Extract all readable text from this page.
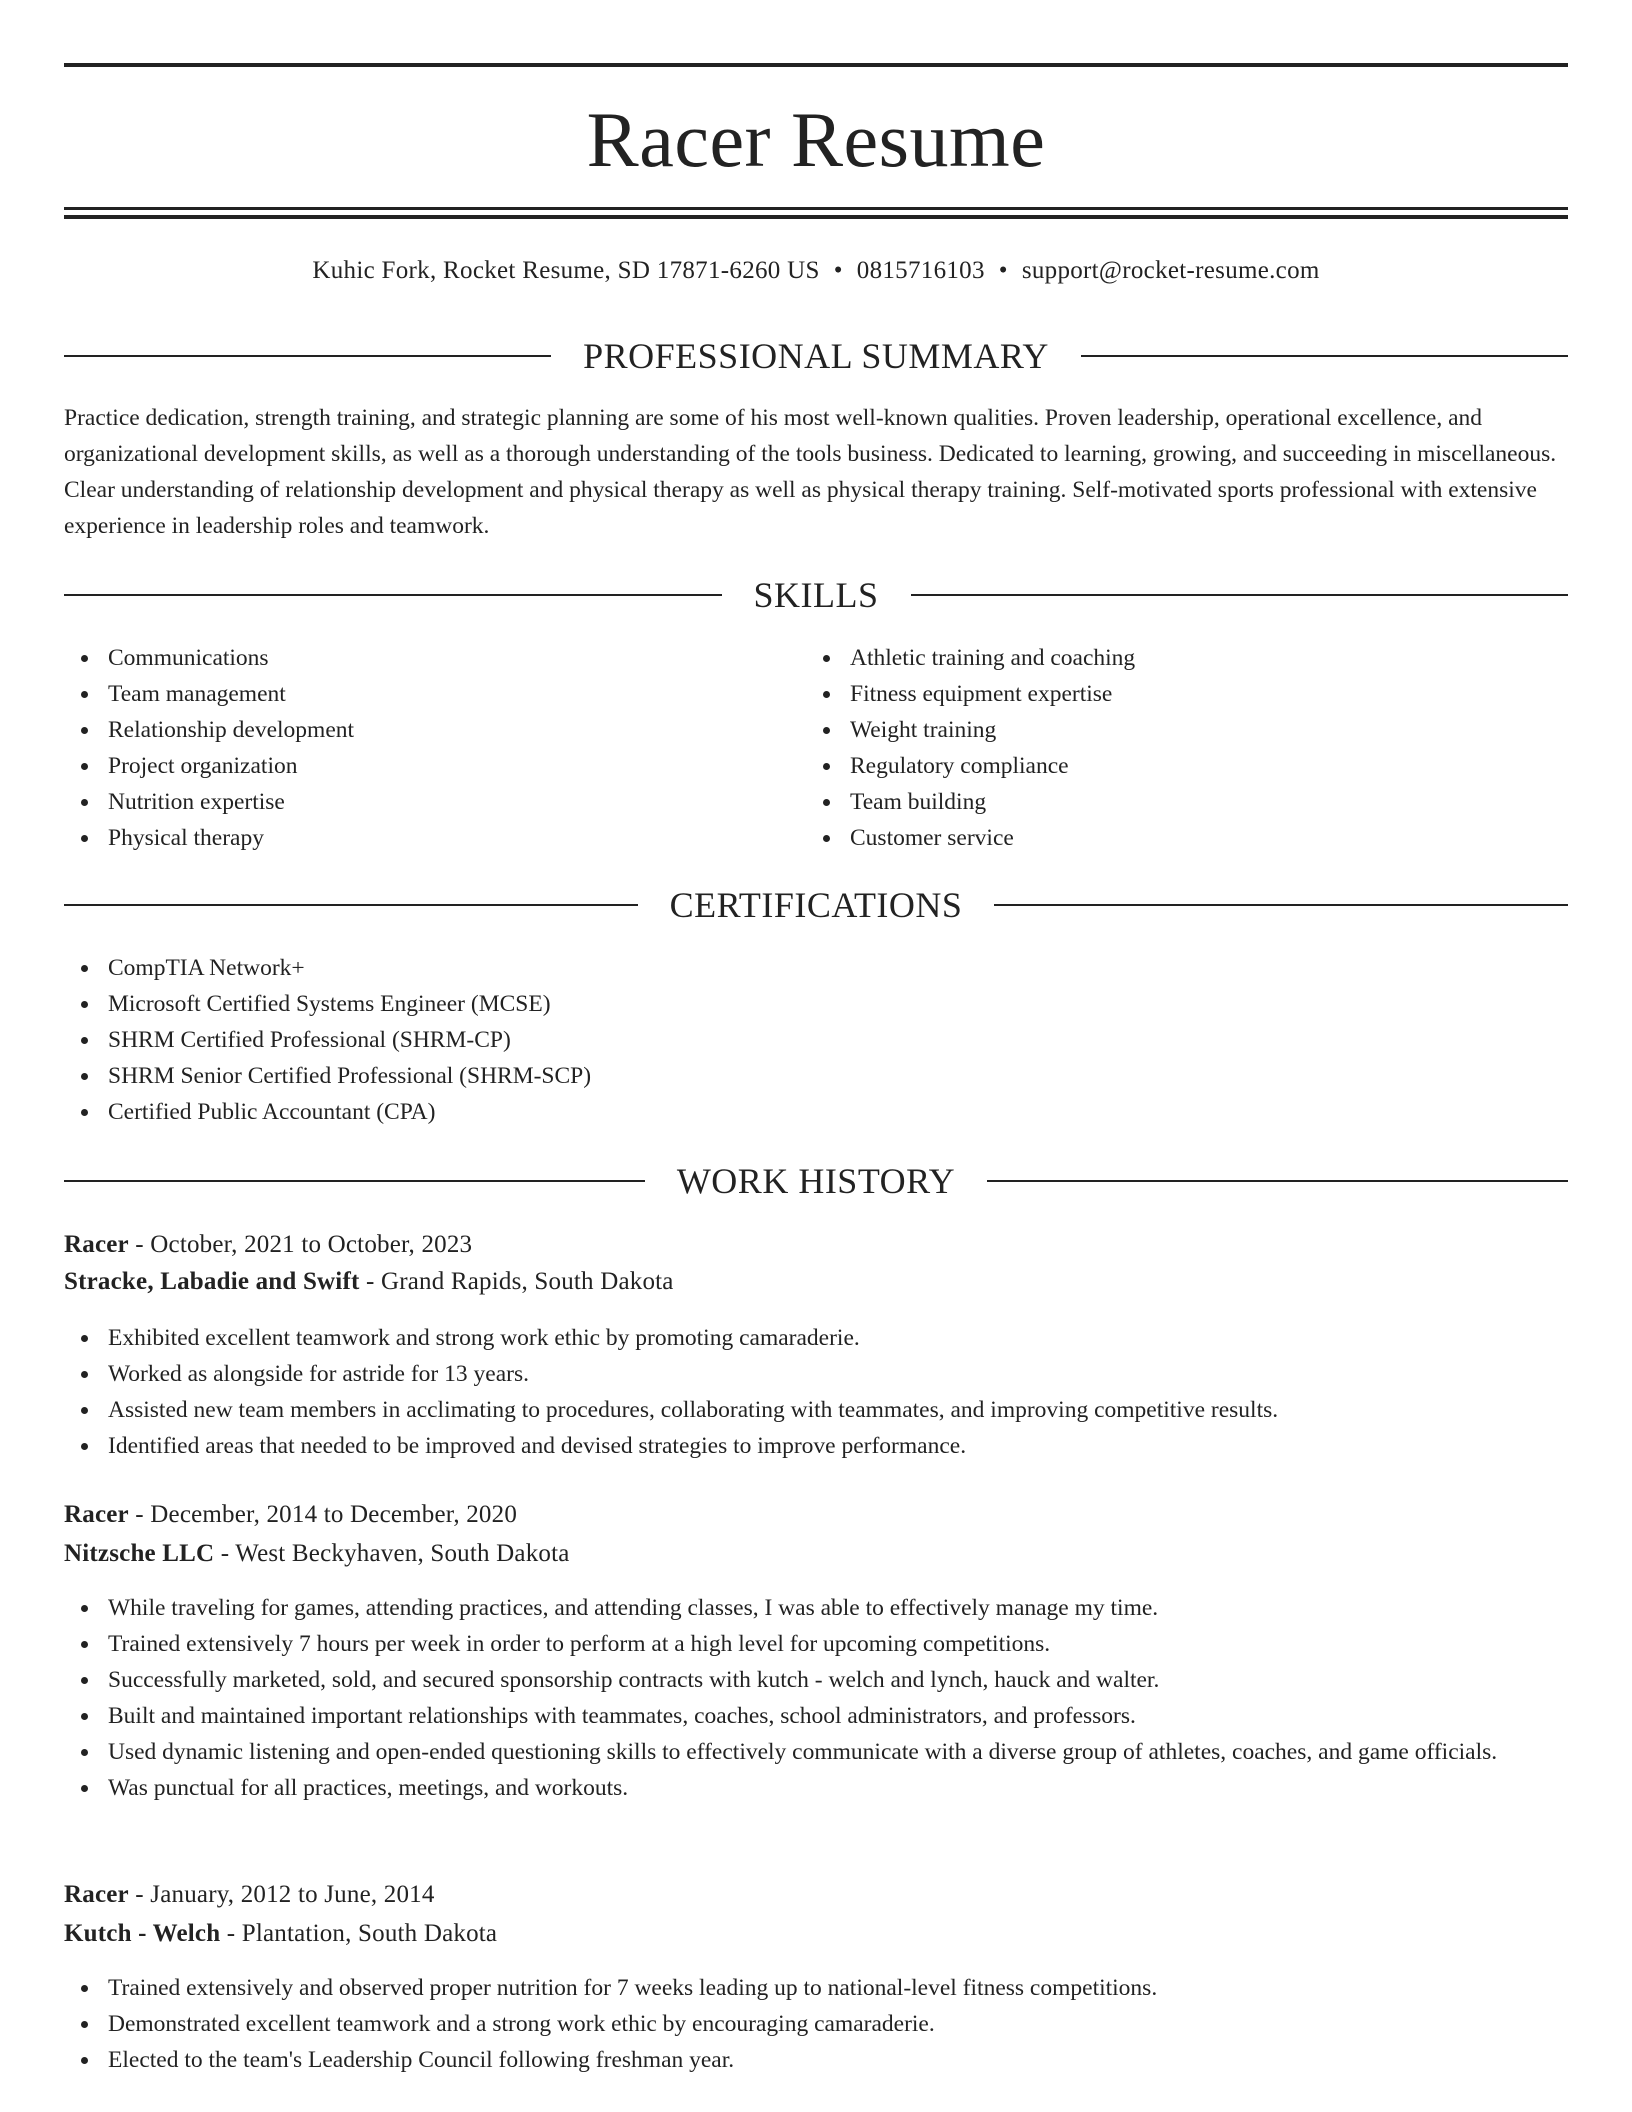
Racer Resume
Kuhic Fork, Rocket Resume, SD 17871-6260 US • 0815716103 • support@rocket-resume.com
PROFESSIONAL SUMMARY

Practice dedication, strength training, and strategic planning are some of his most well-known qualities. Proven leadership, operational excellence, and organizational development skills, as well as a thorough understanding of the tools business. Dedicated to learning, growing, and succeeding in miscellaneous. Clear understanding of relationship development and physical therapy as well as physical therapy training. Self-motivated sports professional with extensive experience in leadership roles and teamwork.

SKILLS
Communications
Team management
Relationship development
Project organization
Nutrition expertise
Physical therapy
Athletic training and coaching
Fitness equipment expertise
Weight training
Regulatory compliance
Team building
Customer service
CERTIFICATIONS
CompTIA Network+
Microsoft Certified Systems Engineer (MCSE)
SHRM Certified Professional (SHRM-CP)
SHRM Senior Certified Professional (SHRM-SCP)
Certified Public Accountant (CPA)
WORK HISTORY
Racer - October, 2021 to October, 2023
Stracke, Labadie and Swift - Grand Rapids, South Dakota
Exhibited excellent teamwork and strong work ethic by promoting camaraderie.
Worked as alongside for astride for 13 years.
Assisted new team members in acclimating to procedures, collaborating with teammates, and improving competitive results.
Identified areas that needed to be improved and devised strategies to improve performance.
Racer - December, 2014 to December, 2020
Nitzsche LLC - West Beckyhaven, South Dakota
While traveling for games, attending practices, and attending classes, I was able to effectively manage my time.
Trained extensively 7 hours per week in order to perform at a high level for upcoming competitions.
Successfully marketed, sold, and secured sponsorship contracts with kutch - welch and lynch, hauck and walter.
Built and maintained important relationships with teammates, coaches, school administrators, and professors.
Used dynamic listening and open-ended questioning skills to effectively communicate with a diverse group of athletes, coaches, and game officials.
Was punctual for all practices, meetings, and workouts.
Racer - January, 2012 to June, 2014
Kutch - Welch - Plantation, South Dakota
Trained extensively and observed proper nutrition for 7 weeks leading up to national-level fitness competitions.
Demonstrated excellent teamwork and a strong work ethic by encouraging camaraderie.
Elected to the team's Leadership Council following freshman year.
